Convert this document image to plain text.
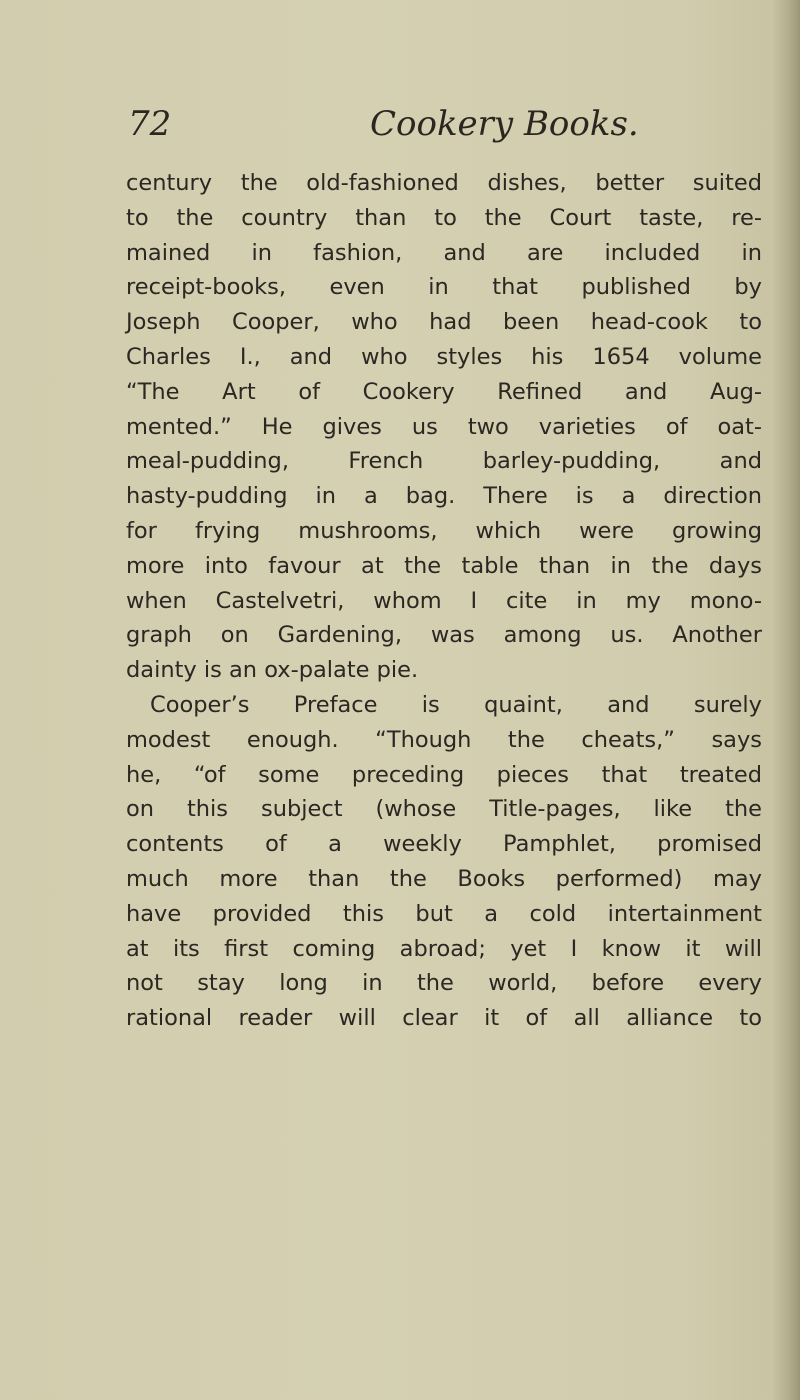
72	Cookery Books.
century the old-fashioned dishes, better suited
to the country than to the Court taste, re-
mained in fashion, and are included in
receipt-books, even in that published by
Joseph Cooper, who had been head-cook to
Charles I., and who styles his 1654 volume
“The Art of Cookery Refined and Aug-
mented.” He gives us two varieties of oat-
meal-pudding, French barley-pudding, and
hasty-pudding in a bag. There is a direction
for frying mushrooms, which were growing
more into favour at the table than in the days
when Castelvetri, whom I cite in my mono-
graph on Gardening, was among us. Another
dainty is an ox-palate pie.
Cooper’s Preface is quaint, and surely
modest enough. “Though the cheats,” says
he, “of some preceding pieces that treated
on this subject (whose Title-pages, like the
contents of a weekly Pamphlet, promised
much more than the Books performed) may
have provided this but a cold intertainment
at its first coming abroad; yet I know it will
not stay long in the world, before every
rational reader will clear it of all alliance to
